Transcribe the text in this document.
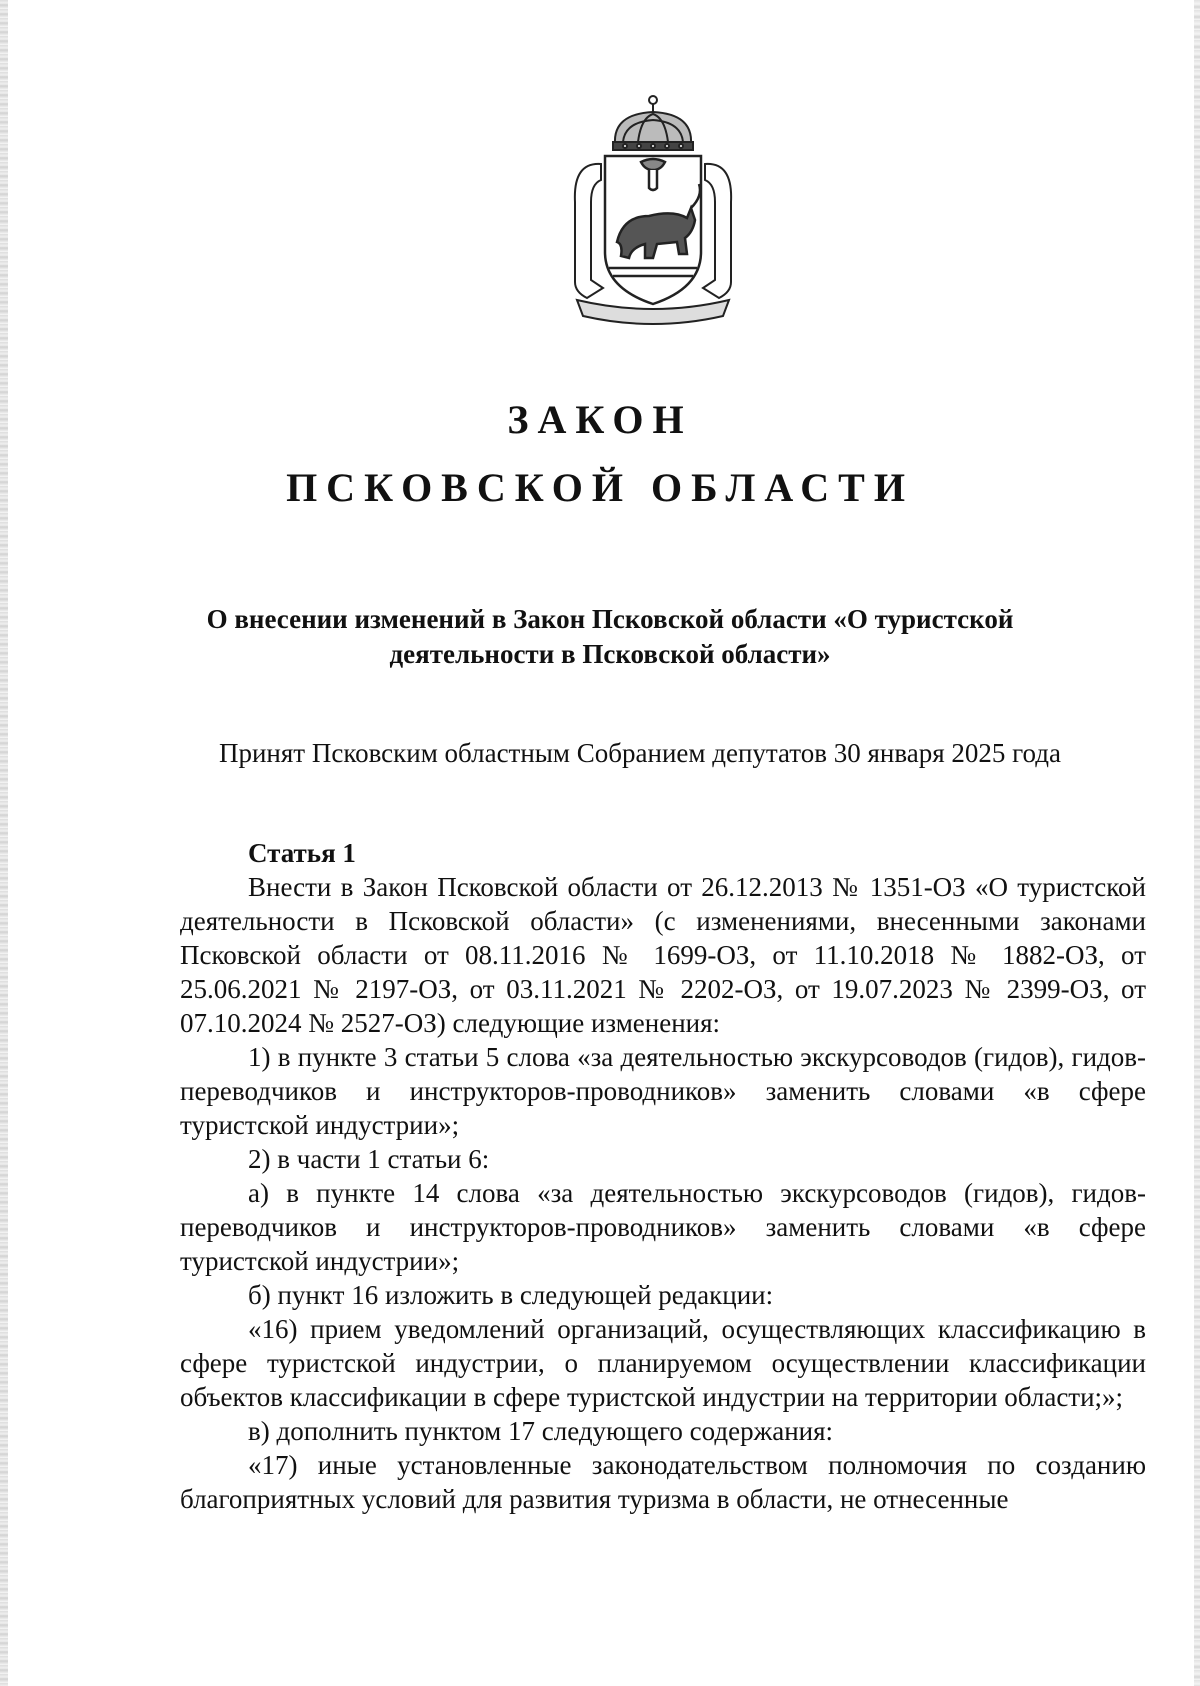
ЗАКОН
ПСКОВСКОЙ ОБЛАСТИ
О внесении изменений в Закон Псковской области «О туристской
деятельности в Псковской области»

Принят Псковским областным Собранием депутатов 30 января 2025 года

Статья 1

Внести в Закон Псковской области от 26.12.2013 № 1351-ОЗ «О туристской деятельности в Псковской области» (с изменениями, внесенными законами Псковской области от 08.11.2016 № 1699-ОЗ, от 11.10.2018 № 1882-ОЗ, от 25.06.2021 № 2197-ОЗ, от 03.11.2021 № 2202-ОЗ, от 19.07.2023 № 2399-ОЗ, от 07.10.2024 № 2527-ОЗ) следующие изменения:

1) в пункте 3 статьи 5 слова «за деятельностью экскурсоводов (гидов), гидов-переводчиков и инструкторов-проводников» заменить словами «в сфере туристской индустрии»;

2) в части 1 статьи 6:

а) в пункте 14 слова «за деятельностью экскурсоводов (гидов), гидов-переводчиков и инструкторов-проводников» заменить словами «в сфере туристской индустрии»;

б) пункт 16 изложить в следующей редакции:

«16) прием уведомлений организаций, осуществляющих классификацию в сфере туристской индустрии, о планируемом осуществлении классификации объектов классификации в сфере туристской индустрии на территории области;»;

в) дополнить пунктом 17 следующего содержания:

«17) иные установленные законодательством полномочия по созданию благоприятных условий для развития туризма в области, не отнесенные
